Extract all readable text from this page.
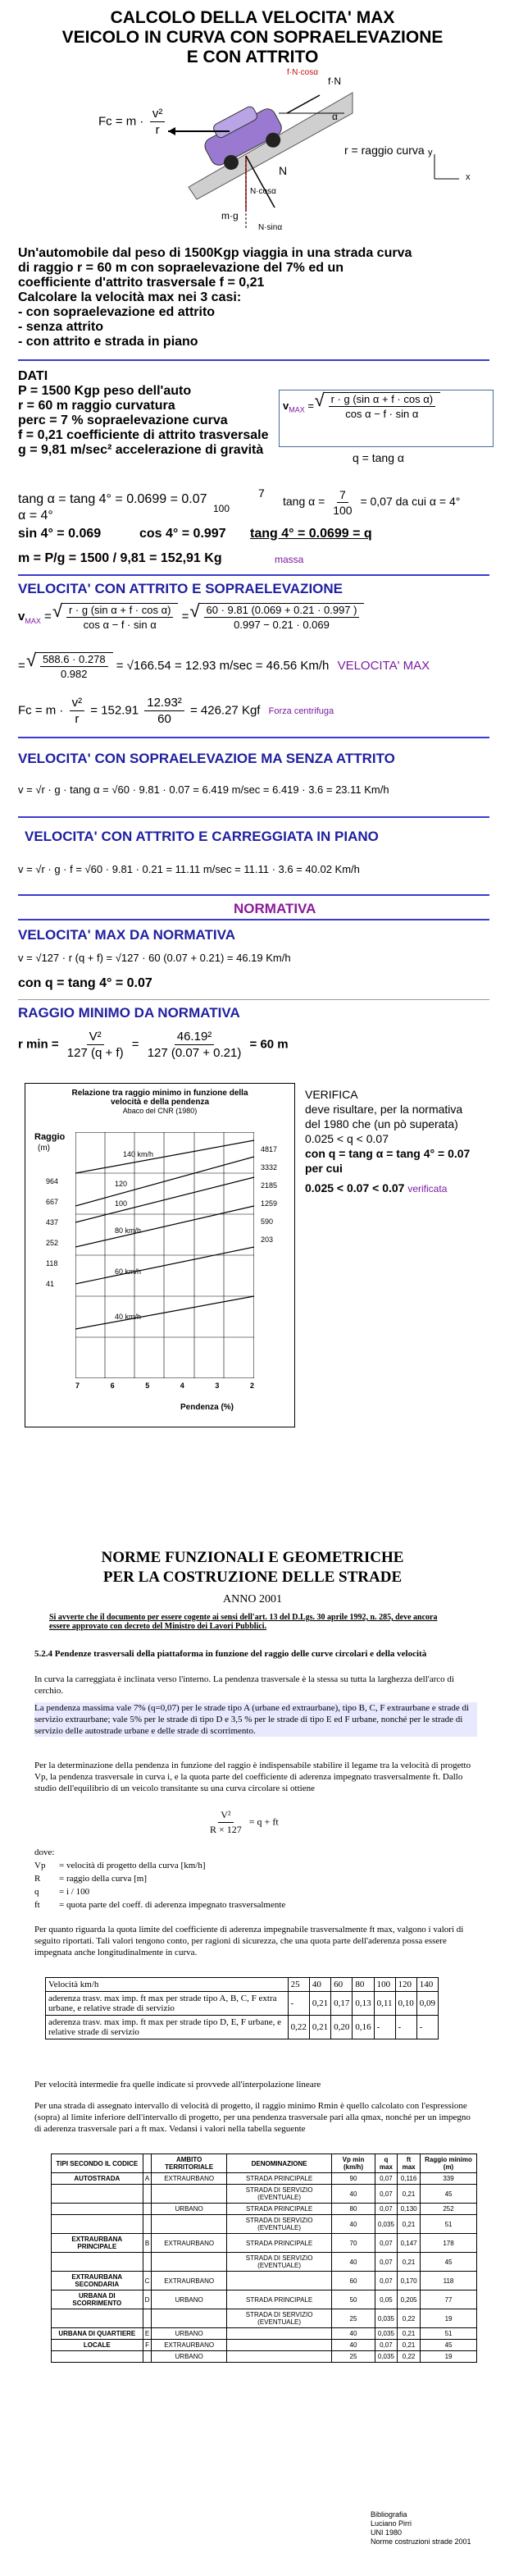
CALCOLO DELLA VELOCITA' MAX
VEICOLO IN CURVA CON SOPRAELEVAZIONE
E CON ATTRITO
$Fc = m \cdot \frac{\text{v²}}{r}$
f·N·cosα
f·N
α
r = raggio curva
N
N·cosα
m·g
N·sinα
x
y
Un'automobile dal peso di 1500Kgp viaggia in una strada curva
di raggio r = 60 m con sopraelevazione del 7% ed un
coefficiente d'attrito trasversale f = 0,21
Calcolare la velocità max nei 3 casi:
- con sopraelevazione ed attrito
- senza attrito
- con attrito e strada in piano
DATI
P = 1500 Kgp peso dell'auto
r = 60 m raggio curvatura
perc = 7 % sopraelevazione curva
f = 0,21 coefficiente di attrito trasversale
g = 9,81 m/sec² accelerazione di gravità
$v_{MAX}$ = √ $\frac{\text{r · g (sin α + f · cos α)}}{\text{cos α − f · sin α}}$
q = tang α
tang α = tang 4° = 0.0699 = 0.07	7
100
tang $\alpha = \frac{7}{100} = 0,07$ da cui α = 4°
α = 4°
sin 4° = 0.069	cos 4° = 0.997 tang 4° = 0.0699 = q
m = P/g = 1500 / 9,81 = 152,91 Kg	massa
VELOCITA' CON ATTRITO E SOPRAELEVAZIONE
$v_{MAX}$ = √ $\frac{\text{r · g (sin α + f · cos α)}}{\text{cos α − f · sin α}}$ = √ $\frac{60 \cdot 9.81 (0.069 + 0.21 \cdot 0.997 )}{0.997 - 0.21 \cdot 0.069}$
= √ $\frac{588.6 \cdot 0.278}{0.982} = √166.54 = 12.93$ m/sec = 46.56 Km/h VELOCITA' MAX
$Fc = m \cdot \frac{\text{v²}}{r} = 152.91 \frac{\text{12.93²}}{60} = 426.27$ Kgf Forza centrifuga
VELOCITA' CON SOPRAELEVAZIOE MA SENZA ATTRITO
v = √r · g · tang α = √60 · 9.81 · 0.07 = 6.419 m/sec = 6.419 · 3.6 = 23.11 Km/h
VELOCITA' CON ATTRITO E CARREGGIATA IN PIANO
v = √r · g · f = √60 · 9.81 · 0.21 = 11.11 m/sec = 11.11 · 3.6 = 40.02 Km/h
NORMATIVA
VELOCITA' MAX DA NORMATIVA
v = √127 · r (q + f) = √127 · 60 (0.07 + 0.21) = 46.19 Km/h
con q = tang 4° = 0.07
RAGGIO MINIMO DA NORMATIVA
r $\min = \frac{\text{V²}}{127 (q + f)} = \frac{\text{46.19²}}{127 (0.07 + 0.21)} = 60$ m
Relazione tra raggio minimo in funzione della
velocità e della pendenza
Abaco del CNR (1980)
Raggio
(m)
140 km/h
120
100
80 km/h
60 km/h
40 km/h
964
667
437
252
118
41
4817
3332
2185
1259
590
203
7	6	5	4	3	2
Pendenza (%)
VERIFICA
deve risultare, per la normativa
del 1980 che (un pò superata)
0.025 < q < 0.07
con q = tang α = tang 4° = 0.07
per cui
0.025 < 0.07 < 0.07 verificata
NORME FUNZIONALI E GEOMETRICHE
PER LA COSTRUZIONE DELLE STRADE
ANNO 2001
Si avverte che il documento per essere cogente ai sensi dell'art. 13 del D.Lgs. 30 aprile 1992, n. 285, deve ancora essere approvato con decreto del Ministro dei Lavori Pubblici.
5.2.4 Pendenze trasversali della piattaforma in funzione del raggio delle curve circolari e della velocità
In curva la carreggiata è inclinata verso l'interno. La pendenza trasversale è la stessa su tutta la larghezza dell'arco di cerchio.
La pendenza massima vale 7% (q=0,07) per le strade tipo A (urbane ed extraurbane), tipo B, C, F extraurbane e strade di servizio extraurbane; vale 5% per le strade di tipo D e 3,5 % per le strade di tipo E ed F urbane, nonché per le strade di servizio delle autostrade urbane e delle strade di scorrimento.
Per la determinazione della pendenza in funzione del raggio è indispensabile stabilire il legame tra la velocità di progetto Vp, la pendenza trasversale in curva i, e la quota parte del coefficiente di aderenza impegnato trasversalmente ft. Dallo studio dell'equilibrio di un veicolo transitante su una curva circolare si ottiene
$\frac{\text{V²}}{R \times 127} = q$ + ft
dove:
Vp = velocità di progetto della curva [km/h]
R = raggio della curva [m]
q = i / 100
ft = quota parte del coeff. di aderenza impegnato trasversalmente
Per quanto riguarda la quota limite del coefficiente di aderenza impegnabile trasversalmente ft max, valgono i valori di seguito riportati. Tali valori tengono conto, per ragioni di sicurezza, che una quota parte dell'aderenza possa essere impegnata anche longitudinalmente in curva.
Velocità km/h	25	40	60	80	100	120	140
aderenza trasv. max imp. ft max per strade tipo A, B, C, F extra urbane, e relative strade di servizio	-	0,21	0,17	0,13	0,11	0,10	0,09
aderenza trasv. max imp. ft max per strade tipo D, E, F urbane, e relative strade di servizio	0,22	0,21	0,20	0,16	-	-	-
Per velocità intermedie fra quelle indicate si provvede all'interpolazione lineare
Per una strada di assegnato intervallo di velocità di progetto, il raggio minimo Rmin è quello calcolato con l'espressione (sopra) al limite inferiore dell'intervallo di progetto, per una pendenza trasversale pari alla qmax, nonché per un impegno di aderenza trasversale pari a ft max. Vedansi i valori nella tabella seguente
TIPI SECONDO IL CODICE		AMBITO TERRITORIALE	DENOMINAZIONE	Vp min (km/h)	q max	ft max	Raggio minimo (m)
AUTOSTRADA	A	EXTRAURBANO	STRADA PRINCIPALE	90	0,07	0,116	339
			STRADA DI SERVIZIO (EVENTUALE)	40	0,07	0,21	45
		URBANO	STRADA PRINCIPALE	80	0,07	0,130	252
			STRADA DI SERVIZIO (EVENTUALE)	40	0,035	0,21	51
EXTRAURBANA PRINCIPALE	B	EXTRAURBANO	STRADA PRINCIPALE	70	0,07	0,147	178
			STRADA DI SERVIZIO (EVENTUALE)	40	0,07	0,21	45
EXTRAURBANA SECONDARIA	C	EXTRAURBANO		60	0,07	0,170	118
URBANA DI SCORRIMENTO	D	URBANO	STRADA PRINCIPALE	50	0,05	0,205	77
			STRADA DI SERVIZIO (EVENTUALE)	25	0,035	0,22	19
URBANA DI QUARTIERE	E	URBANO		40	0,035	0,21	51
LOCALE	F	EXTRAURBANO		40	0,07	0,21	45
		URBANO		25	0,035	0,22	19
Bibliografia
Luciano Pirri
UNI 1980
Norme costruzioni strade 2001
